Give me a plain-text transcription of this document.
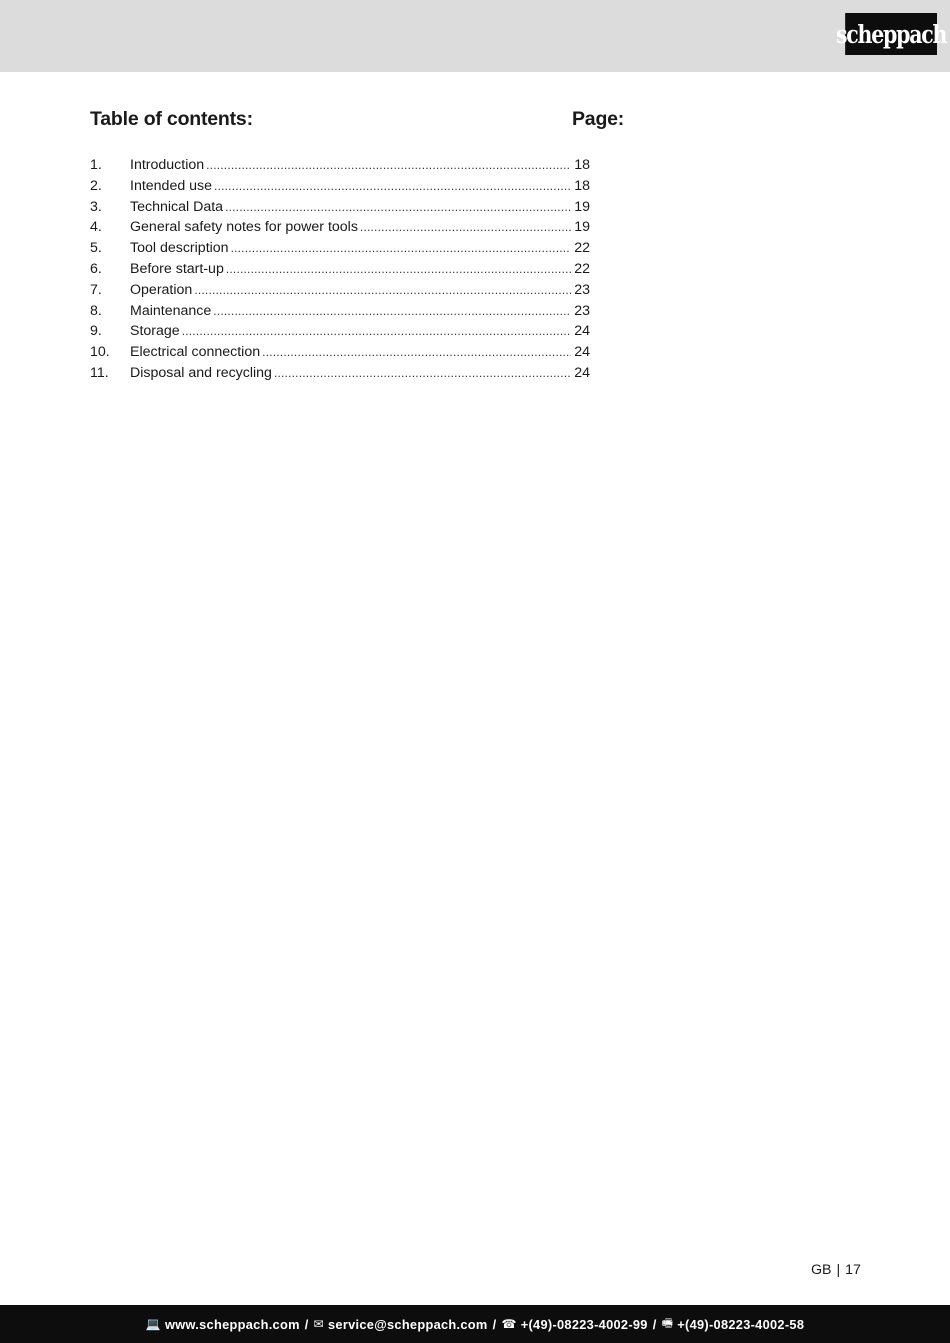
scheppach
Table of contents:	Page:
1.	Introduction .....	18
2.	Intended use .....	18
3.	Technical Data .....	19
4.	General safety notes for power tools .....	19
5.	Tool description .....	22
6.	Before start-up .....	22
7.	Operation .....	23
8.	Maintenance .....	23
9.	Storage .....	24
10.	Electrical connection .....	24
11.	Disposal and recycling .....	24
GB | 17
💻 www.scheppach.com / ✉ service@scheppach.com / ☎ +(49)-08223-4002-99 / 🖷 +(49)-08223-4002-58
